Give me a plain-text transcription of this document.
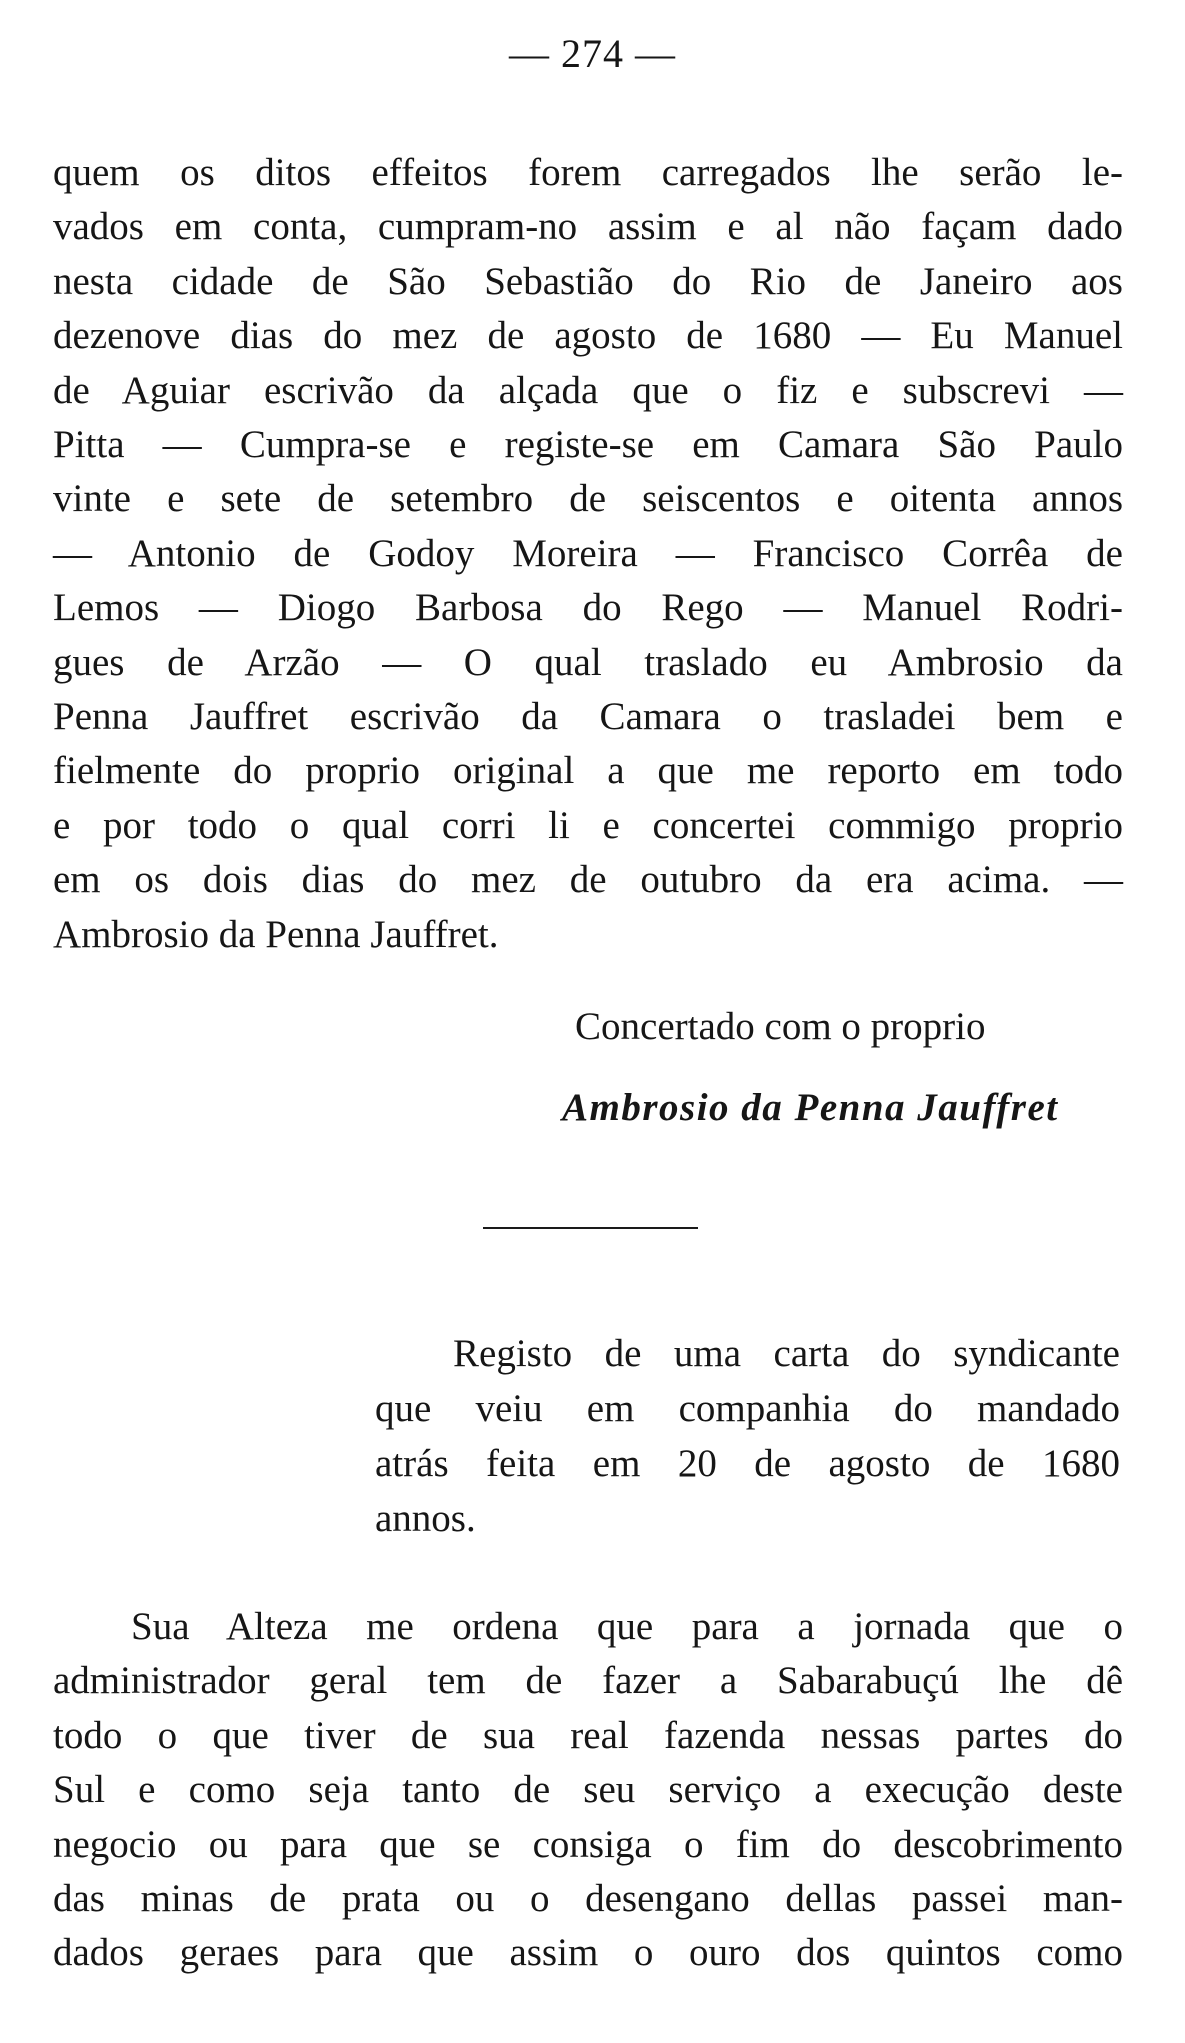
— 274 —
quem os ditos effeitos forem carregados lhe serão le-
vados em conta, cumpram-no assim e al não façam dado
nesta cidade de São Sebastião do Rio de Janeiro aos
dezenove dias do mez de agosto de 1680 — Eu Manuel
de Aguiar escrivão da alçada que o fiz e subscrevi —
Pitta — Cumpra-se e registe-se em Camara São Paulo
vinte e sete de setembro de seiscentos e oitenta annos
— Antonio de Godoy Moreira — Francisco Corrêa de
Lemos — Diogo Barbosa do Rego — Manuel Rodri-
gues de Arzão — O qual traslado eu Ambrosio da
Penna Jauffret escrivão da Camara o trasladei bem e
fielmente do proprio original a que me reporto em todo
e por todo o qual corri li e concertei commigo proprio
em os dois dias do mez de outubro da era acima. —
Ambrosio da Penna Jauffret.
Concertado com o proprio
Ambrosio da Penna Jauffret
Registo de uma carta do syndicante
que veiu em companhia do mandado
atrás feita em 20 de agosto de 1680
annos.
Sua Alteza me ordena que para a jornada que o
administrador geral tem de fazer a Sabarabuçú lhe dê
todo o que tiver de sua real fazenda nessas partes do
Sul e como seja tanto de seu serviço a execução deste
negocio ou para que se consiga o fim do descobrimento
das minas de prata ou o desengano dellas passei man-
dados geraes para que assim o ouro dos quintos como
